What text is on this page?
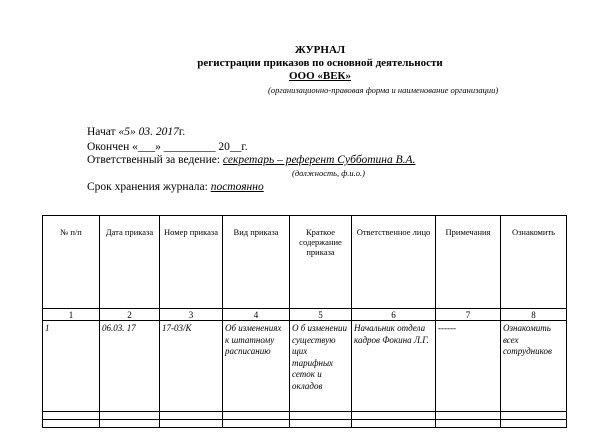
ЖУРНАЛ
регистрации приказов по основной деятельности
ООО «ВЕК»
(организационно-правовая форма и наименование организации)
Начат «5» 03. 2017г.
Окончен «___» _________ 20__г.
Ответственный за ведение: секретарь – референт Субботина В.А.
(должность, ф.и.о.)
Срок хранения журнала: постоянно
№ п/п	Дата приказа	Номер приказа	Вид приказа	Краткое содержание приказа	Ответственное лицо	Примечания	Ознакомить
1	2	3	4	5	6	7	8
1	06.03. 17	17-03/К	Об изменениях к штатному расписанию	О б изменении существую щих тарифных сеток и окладов	Начальник отдела кадров Фокина Л.Г.	------	Ознакомить всех сотрудников
